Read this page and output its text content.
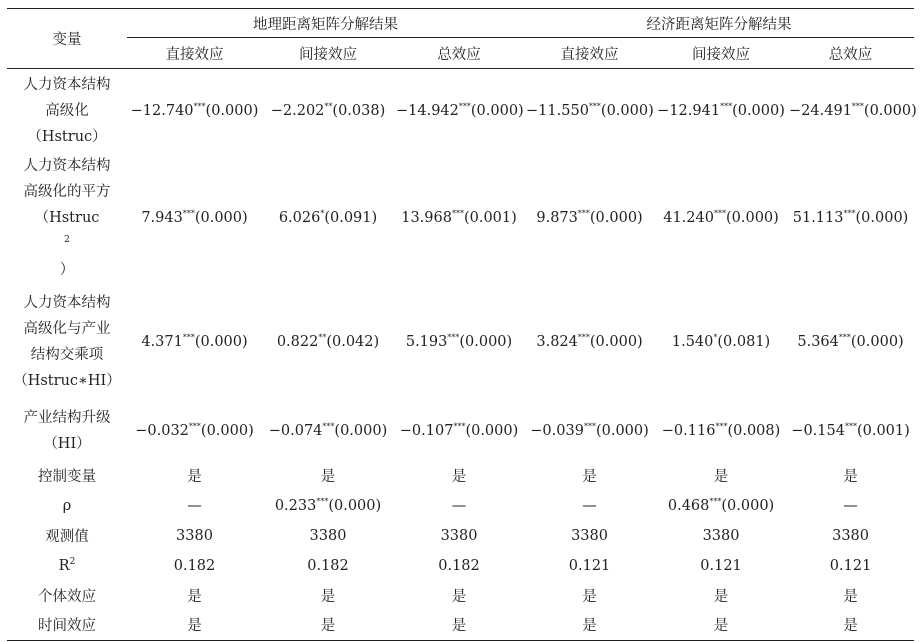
变量	地理距离矩阵分解结果			经济距离矩阵分解结果		
	直接效应	间接效应	总效应	直接效应	间接效应	总效应

人力资本结构
高级化
（Hstruc）	−12.740***(0.000)	−2.202**(0.038)	−14.942***(0.000)	−11.550***(0.000)	−12.941***(0.000)	−24.491***(0.000)

人力资本结构
高级化的平方
（Hstruc
$^2$
）	7.943***(0.000)	6.026*(0.091)	13.968***(0.001)	9.873***(0.000)	41.240***(0.000)	51.113***(0.000)

人力资本结构
高级化与产业
结构交乘项
（Hstruc∗HI）	4.371***(0.000)	0.822**(0.042)	5.193***(0.000)	3.824***(0.000)	1.540*(0.081)	5.364***(0.000)

产业结构升级
（HI）	−0.032***(0.000)	−0.074***(0.000)	−0.107***(0.000)	−0.039***(0.000)	−0.116***(0.008)	−0.154***(0.001)
控制变量	是	是	是	是	是	是
ρ	—	0.233***(0.000)	—	—	0.468***(0.000)	—
观测值	3380	3380	3380	3380	3380	3380
$R^2$	0.182	0.182	0.182	0.121	0.121	0.121
个体效应	是	是	是	是	是	是
时间效应	是	是	是	是	是	是
